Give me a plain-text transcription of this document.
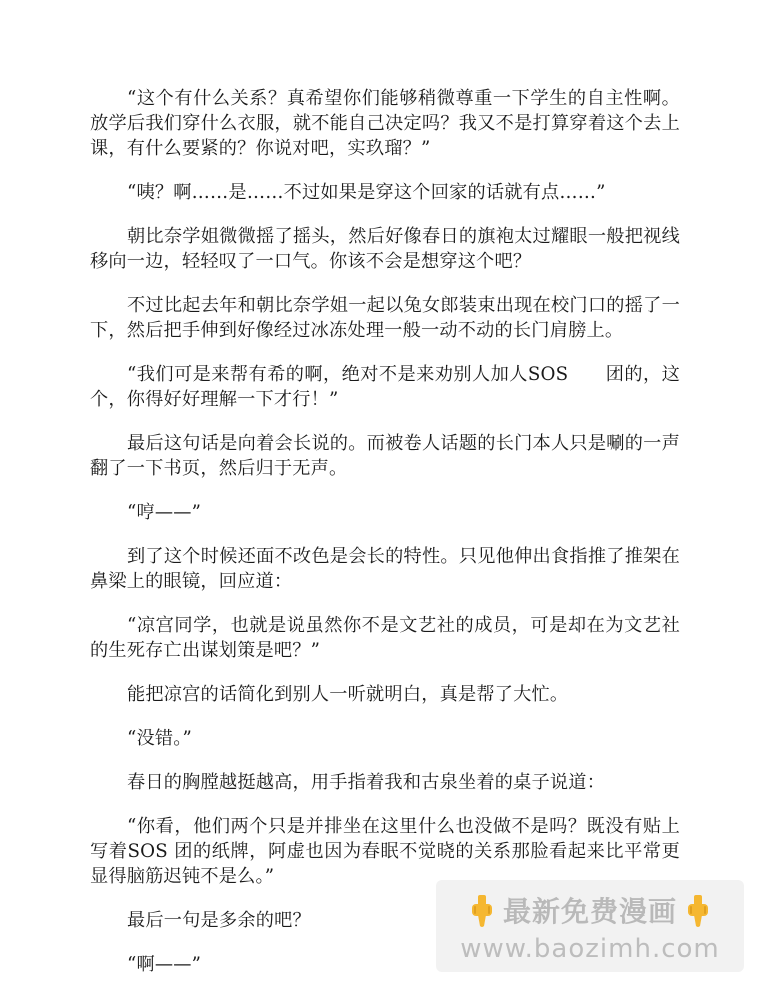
“这个有什么关系？真希望你们能够稍微尊重一下学生的自主性啊。放学后我们穿什么衣服，就不能自己决定吗？我又不是打算穿着这个去上课，有什么要紧的？你说对吧，实玖瑠？”

“咦？啊……是……不过如果是穿这个回家的话就有点……”

朝比奈学姐微微摇了摇头，然后好像春日的旗袍太过耀眼一般把视线移向一边，轻轻叹了一口气。你该不会是想穿这个吧？

不过比起去年和朝比奈学姐一起以兔女郎装束出现在校门口的摇了一下，然后把手伸到好像经过冰冻处理一般一动不动的长门肩膀上。

“我们可是来帮有希的啊，绝对不是来劝别人加人SOS　　团的，这个，你得好好理解一下才行！”

最后这句话是向着会长说的。而被卷人话题的长门本人只是唰的一声翻了一下书页，然后归于无声。

“哼——”

到了这个时候还面不改色是会长的特性。只见他伸出食指推了推架在鼻梁上的眼镜，回应道：

“凉宫同学，也就是说虽然你不是文艺社的成员，可是却在为文艺社的生死存亡出谋划策是吧？”

能把凉宫的话简化到别人一听就明白，真是帮了大忙。

“没错。”

春日的胸膛越挺越高，用手指着我和古泉坐着的桌子说道：

“你看，他们两个只是并排坐在这里什么也没做不是吗？既没有贴上写着SOS 团的纸牌，阿虚也因为春眠不觉晓的关系那脸看起来比平常更显得脑筋迟钝不是么。”

最后一句是多余的吧？

“啊——”

最新免费漫画
www.baozimh.com
